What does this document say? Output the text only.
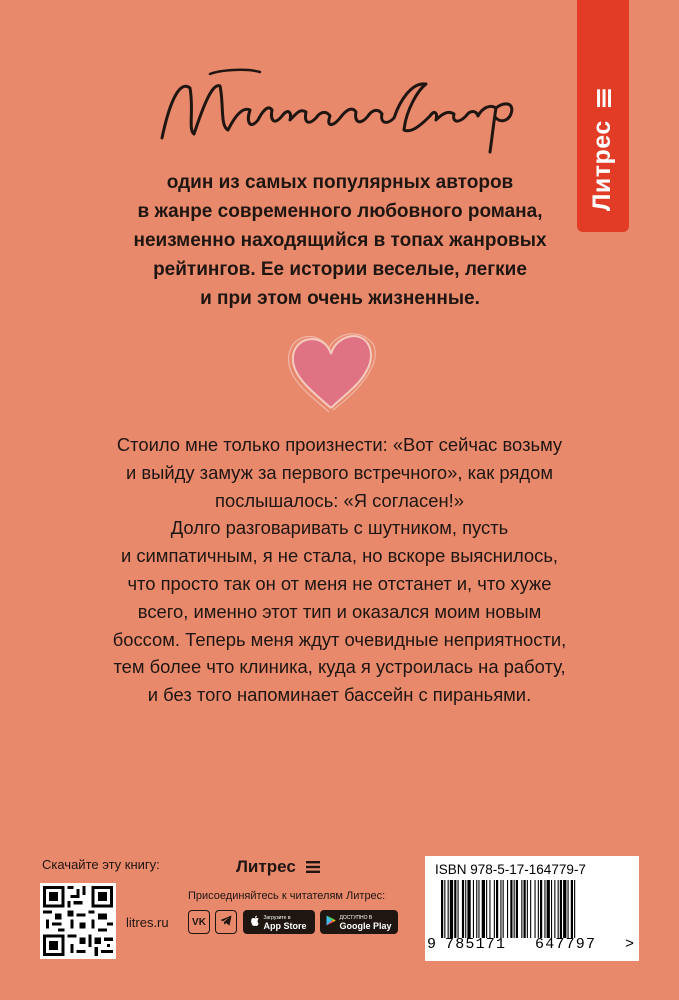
Литрес
один из самых популярных авторов
в жанре современного любовного романа,
неизменно находящийся в топах жанровых
рейтингов. Ее истории веселые, легкие
и при этом очень жизненные.
Стоило мне только произнести: «Вот сейчас возьму
и выйду замуж за первого встречного», как рядом
послышалось: «Я согласен!»
Долго разговаривать с шутником, пусть
и симпатичным, я не стала, но вскоре выяснилось,
что просто так он от меня не отстанет и, что хуже
всего, именно этот тип и оказался моим новым
боссом. Теперь меня ждут очевидные неприятности,
тем более что клиника, куда я устроилась на работу,
и без того напоминает бассейн с пираньями.
Скачайте эту книгу:
litres.ru
Литрес
Присоединяйтесь к читателям Литрес:
VK	Загрузите в
App Store
ДОСТУПНО В
Google Play
ISBN 978-5-17-164779-7
9 785171 647797 >
